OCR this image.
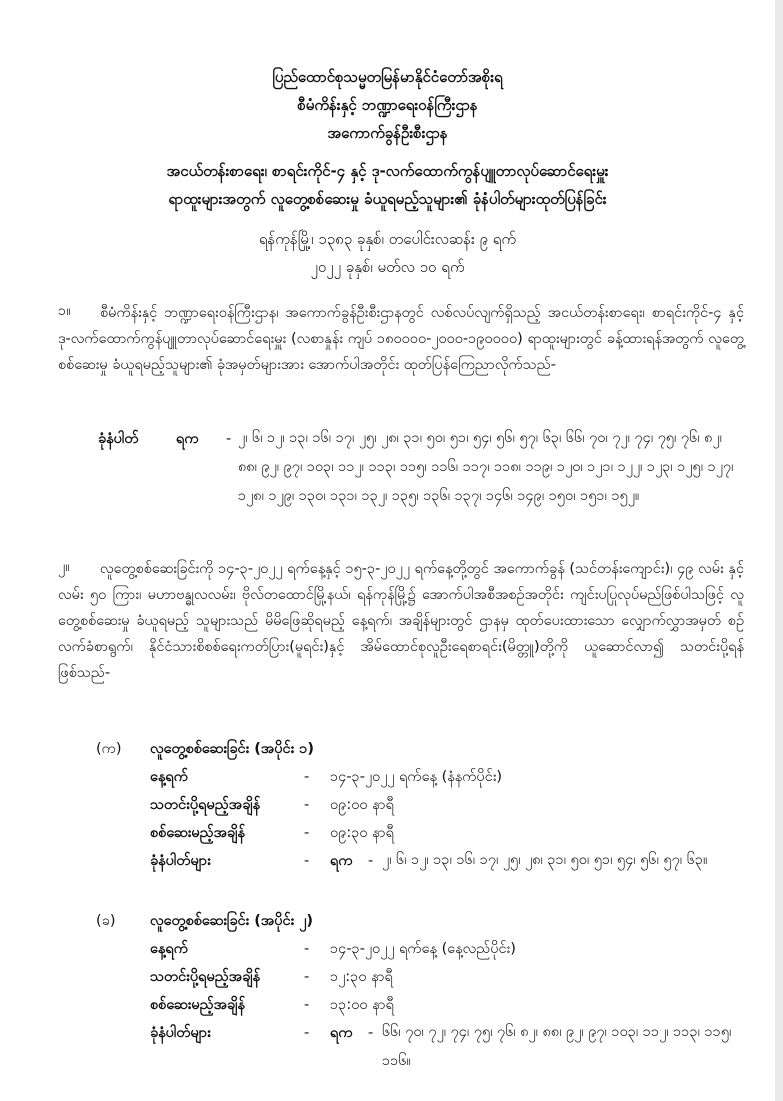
ပြည်ထောင်စုသမ္မတမြန်မာနိုင်ငံတော်အစိုးရ
စီမံကိန်းနှင့် ဘဏ္ဍာရေးဝန်ကြီးဌာန
အကောက်ခွန်ဦးစီးဌာန
အငယ်တန်းစာရေး၊ စာရင်းကိုင်-၄ နှင့် ဒု-လက်ထောက်ကွန်ပျူတာလုပ်ဆောင်ရေးမှူး
ရာထူးများအတွက် လူတွေ့စစ်ဆေးမှု ခံယူရမည့်သူများ၏ ခုံနံပါတ်များထုတ်ပြန်ခြင်း
ရန်ကုန်မြို့၊ ၁၃၈၃ ခုနှစ်၊ တပေါင်းလဆန်း ၉ ရက်
၂၀၂၂ ခုနှစ်၊ မတ်လ ၁၀ ရက်
၁။	စီမံကိန်းနှင့် ဘဏ္ဍာရေးဝန်ကြီးဌာန၊ အကောက်ခွန်ဦးစီးဌာနတွင် လစ်လပ်လျက်ရှိသည့် အငယ်တန်းစာရေး၊ စာရင်းကိုင်-၄ နှင့် ဒု-လက်ထောက်ကွန်ပျူတာလုပ်ဆောင်ရေးမှူး (လစာနှုန်း ကျပ် ၁၈၀၀၀၀-၂၀၀၀-၁၉၀၀၀၀) ရာထူးများတွင် ခန့်ထားရန်အတွက် လူတွေ့စစ်ဆေးမှု ခံယူရမည့်သူများ၏ ခုံအမှတ်များအား အောက်ပါအတိုင်း ထုတ်ပြန်ကြေညာလိုက်သည်-
ခုံနံပါတ်	ရက - ၂၊ ၆၊ ၁၂၊ ၁၃၊ ၁၆၊ ၁၇၊ ၂၅၊ ၂၈၊ ၃၁၊ ၅၀၊ ၅၁၊ ၅၄၊ ၅၆၊ ၅၇၊ ၆၃၊ ၆၆၊ ၇၀၊ ၇၂၊ ၇၄၊ ၇၅၊ ၇၆၊ ၈၂၊ ၈၈၊ ၉၂၊ ၉၇၊ ၁၀၃၊ ၁၁၂၊ ၁၁၃၊ ၁၁၅၊ ၁၁၆၊ ၁၁၇၊ ၁၁၈၊ ၁၁၉၊ ၁၂၀၊ ၁၂၁၊ ၁၂၂၊ ၁၂၃၊ ၁၂၅၊ ၁၂၇၊ ၁၂၈၊ ၁၂၉၊ ၁၃၀၊ ၁၃၁၊ ၁၃၂၊ ၁၃၅၊ ၁၃၆၊ ၁၃၇၊ ၁၄၆၊ ၁၄၉၊ ၁၅၀၊ ၁၅၁၊ ၁၅၂။
၂။	လူတွေ့စစ်ဆေးခြင်းကို ၁၄-၃-၂၀၂၂ ရက်နေ့နှင့် ၁၅-၃-၂၀၂၂ ရက်နေ့တို့တွင် အကောက်ခွန် (သင်တန်းကျောင်း)၊ ၄၉ လမ်း နှင့် လမ်း ၅၀ ကြား၊ မဟာဗန္ဓုလလမ်း၊ ဗိုလ်တထောင်မြို့နယ်၊ ရန်ကုန်မြို့၌ အောက်ပါအစီအစဉ်အတိုင်း ကျင်းပပြုလုပ်မည်ဖြစ်ပါသဖြင့် လူတွေ့စစ်ဆေးမှု ခံယူရမည့် သူများသည် မိမိဖြေဆိုရမည့် နေ့ရက်၊ အချိန်များတွင် ဌာနမှ ထုတ်ပေးထားသော လျှောက်လွှာအမှတ် စဉ် လက်ခံစာရွက်၊ နိုင်ငံသားစိစစ်ရေးကတ်ပြား(မူရင်း)နှင့် အိမ်ထောင်စုလူဦးရေစာရင်း(မိတ္တူ)တို့ကို ယူဆောင်လာ၍ သတင်းပို့ရန် ဖြစ်သည်-
(က) လူတွေ့စစ်ဆေးခြင်း (အပိုင်း ၁)
နေ့ရက်	- ၁၄-၃-၂၀၂၂ ရက်နေ့ (နံနက်ပိုင်း)
သတင်းပို့ရမည့်အချိန်	- ၀၉:၀၀ နာရီ
စစ်ဆေးမည့်အချိန်	- ၀၉:၃၀ နာရီ
ခုံနံပါတ်များ	- ရက - ၂၊ ၆၊ ၁၂၊ ၁၃၊ ၁၆၊ ၁၇၊ ၂၅၊ ၂၈၊ ၃၁၊ ၅၀၊ ၅၁၊ ၅၄၊ ၅၆၊ ၅၇၊ ၆၃။
(ခ) လူတွေ့စစ်ဆေးခြင်း (အပိုင်း ၂)
နေ့ရက်	- ၁၄-၃-၂၀၂၂ ရက်နေ့ (နေ့လည်ပိုင်း)
သတင်းပို့ရမည့်အချိန်	- ၁၂:၃၀ နာရီ
စစ်ဆေးမည့်အချိန်	- ၁၃:၀၀ နာရီ
ခုံနံပါတ်များ	- ရက - ၆၆၊ ၇၀၊ ၇၂၊ ၇၄၊ ၇၅၊ ၇၆၊ ၈၂၊ ၈၈၊ ၉၂၊ ၉၇၊ ၁၀၃၊ ၁၁၂၊ ၁၁၃၊ ၁၁၅၊ ၁၁၆။
